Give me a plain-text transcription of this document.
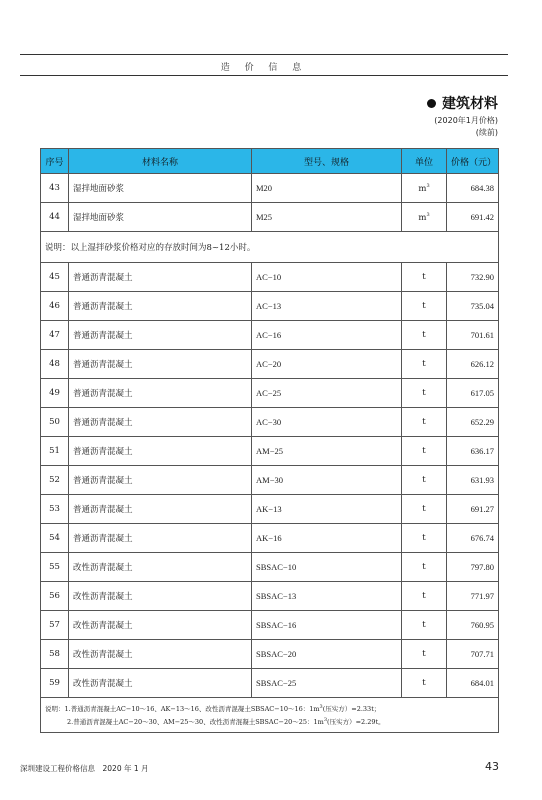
造 价 信 息
建筑材料
(2020年1月价格)
(续前)
序号	材料名称	型号、规格	单位	价格（元）
43	湿拌地面砂浆	M20	$m^3$	684.38
44	湿拌地面砂浆	M25	$m^3$	691.42
说明：以上湿拌砂浆价格对应的存放时间为8~12小时。				
45	普通沥青混凝土	AC−10	t	732.90
46	普通沥青混凝土	AC−13	t	735.04
47	普通沥青混凝土	AC−16	t	701.61
48	普通沥青混凝土	AC−20	t	626.12
49	普通沥青混凝土	AC−25	t	617.05
50	普通沥青混凝土	AC−30	t	652.29
51	普通沥青混凝土	AM−25	t	636.17
52	普通沥青混凝土	AM−30	t	631.93
53	普通沥青混凝土	AK−13	t	691.27
54	普通沥青混凝土	AK−16	t	676.74
55	改性沥青混凝土	SBSAC−10	t	797.80
56	改性沥青混凝土	SBSAC−13	t	771.97
57	改性沥青混凝土	SBSAC−16	t	760.95
58	改性沥青混凝土	SBSAC−20	t	707.71
59	改性沥青混凝土	SBSAC−25	t	684.01

说明：1.普通沥青混凝土AC−10～16、AK−13～16、改性沥青混凝土SBSAC−10～16：$1m^3$(压实方）=2.33t；
2.普通沥青混凝土AC−20～30、AM−25～30、改性沥青混凝土SBSAC−20～25：$1m^3$(压实方）=2.29t。				
深圳建设工程价格信息　2020 年 1 月	43
